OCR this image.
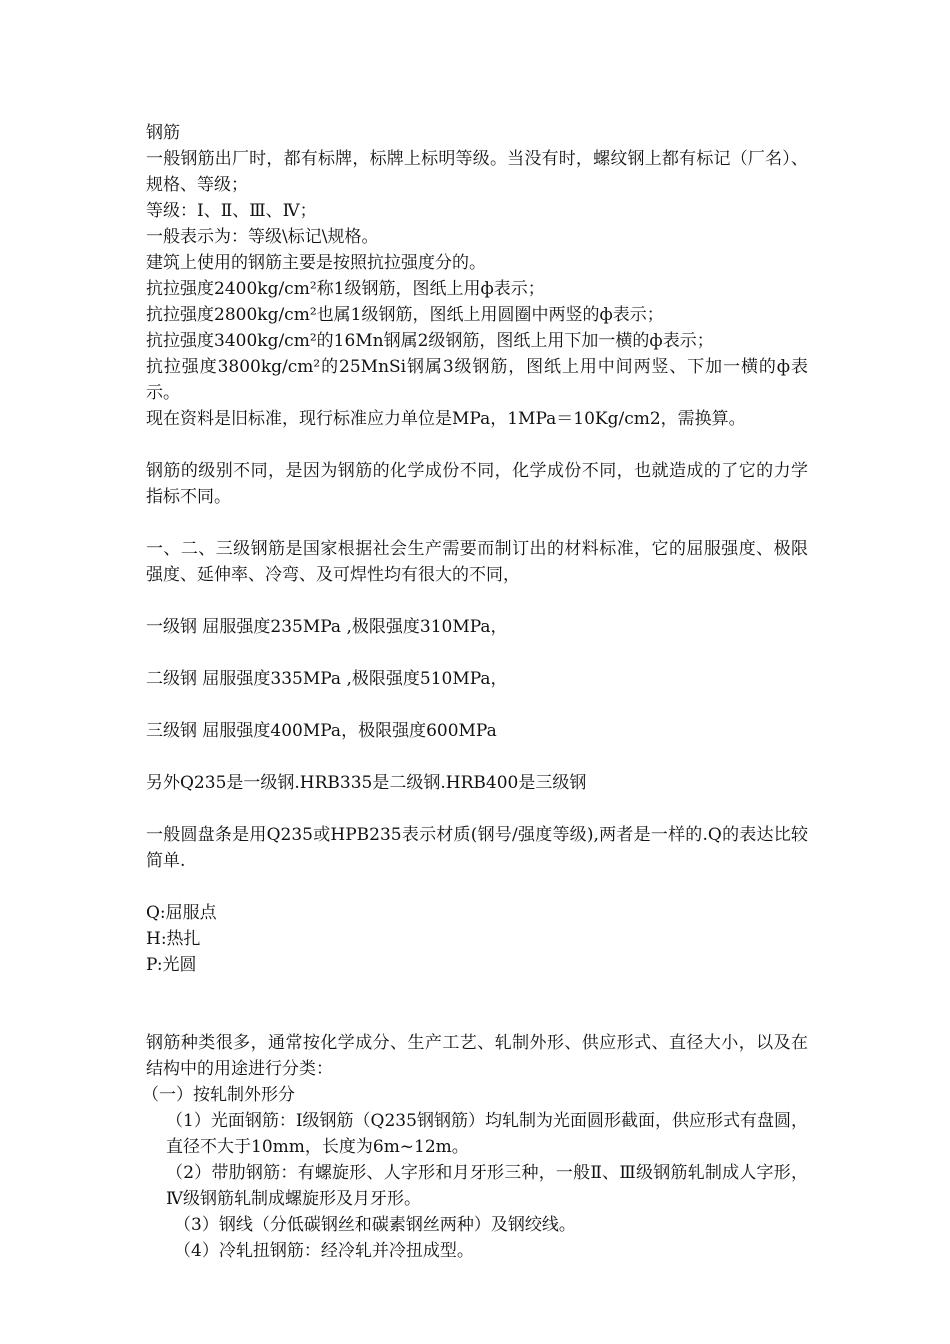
钢筋

一般钢筋出厂时，都有标牌，标牌上标明等级。当没有时，螺纹钢上都有标记（厂名）、规格、等级；

等级：Ⅰ、Ⅱ、Ⅲ、Ⅳ；

一般表示为：等级\标记\规格。

建筑上使用的钢筋主要是按照抗拉强度分的。

抗拉强度2400kg/cm²称1级钢筋，图纸上用ф表示；

抗拉强度2800kg/cm²也属1级钢筋，图纸上用圆圈中两竖的ф表示；

抗拉强度3400kg/cm²的16Mn钢属2级钢筋，图纸上用下加一横的ф表示；

抗拉强度3800kg/cm²的25MnSi钢属3级钢筋，图纸上用中间两竖、下加一横的ф表示。

现在资料是旧标准，现行标准应力单位是MPa，1MPa＝10Kg/cm2，需换算。

钢筋的级别不同，是因为钢筋的化学成份不同，化学成份不同，也就造成的了它的力学指标不同。

一、二、三级钢筋是国家根据社会生产需要而制订出的材料标准，它的屈服强度、极限强度、延伸率、冷弯、及可焊性均有很大的不同，

一级钢 屈服强度235MPa ,极限强度310MPa，

二级钢 屈服强度335MPa ,极限强度510MPa，

三级钢 屈服强度400MPa，极限强度600MPa

另外Q235是一级钢.HRB335是二级钢.HRB400是三级钢

一般圆盘条是用Q235或HPB235表示材质(钢号/强度等级),两者是一样的.Q的表达比较简单.

Q:屈服点

H:热扎

P:光圆

钢筋种类很多，通常按化学成分、生产工艺、轧制外形、供应形式、直径大小，以及在结构中的用途进行分类：

（一）按轧制外形分

（1）光面钢筋：I级钢筋（Q235钢钢筋）均轧制为光面圆形截面，供应形式有盘圆，直径不大于10mm，长度为6m~12m。

（2）带肋钢筋：有螺旋形、人字形和月牙形三种，一般Ⅱ、Ⅲ级钢筋轧制成人字形，Ⅳ级钢筋轧制成螺旋形及月牙形。

（3）钢线（分低碳钢丝和碳素钢丝两种）及钢绞线。

（4）冷轧扭钢筋：经冷轧并冷扭成型。
